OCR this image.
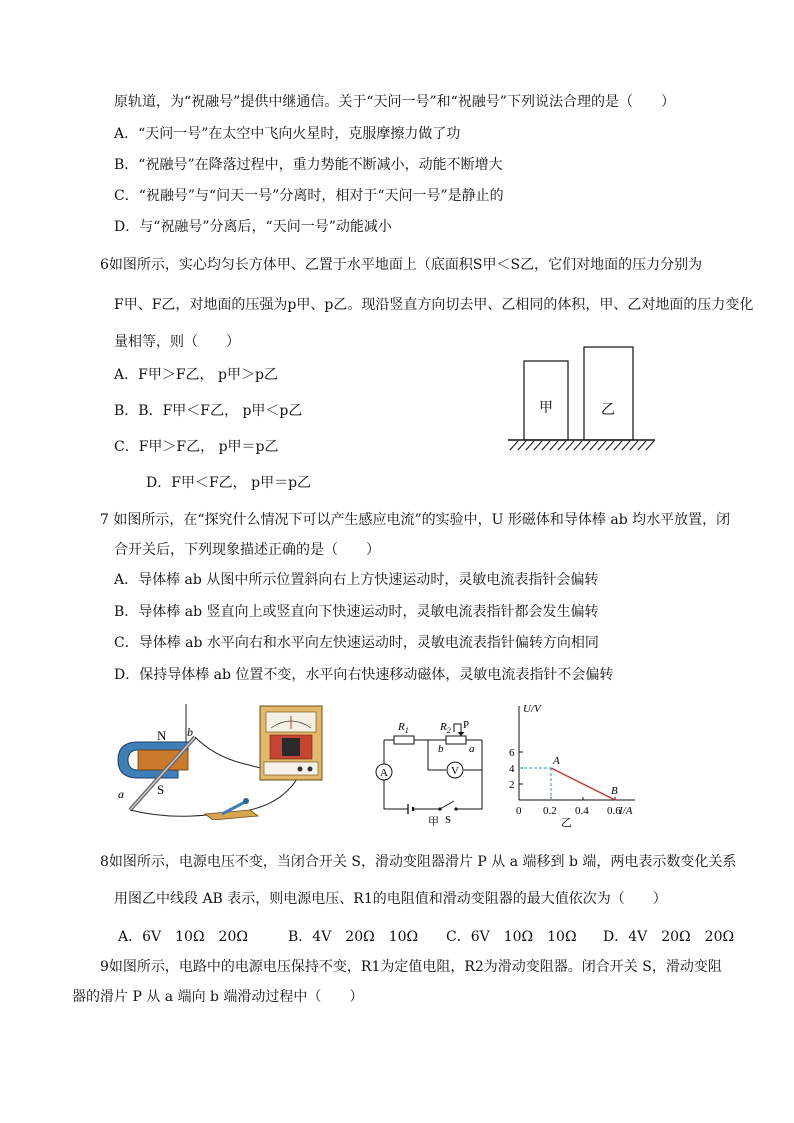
原轨道，为“祝融号”提供中继通信。关于“天问一号”和“祝融号”下列说法合理的是（　　）
A．“天问一号”在太空中飞向火星时，克服摩擦力做了功
B．“祝融号”在降落过程中，重力势能不断减小，动能不断增大
C．“祝融号”与“问天一号”分离时，相对于“天问一号”是静止的
D．与“祝融号”分离后，“天问一号”动能减小
6如图所示，实心均匀长方体甲、乙置于水平地面上（底面积S甲＜S乙，它们对地面的压力分别为
F甲、F乙，对地面的压强为p甲、p乙。现沿竖直方向切去甲、乙相同的体积，甲、乙对地面的压力变化
量相等，则（　　）
A．F甲＞F乙， p甲＞p乙
B．B．F甲＜F乙， p甲＜p乙
C．F甲＞F乙， p甲＝p乙
D．F甲＜F乙， p甲＝p乙
甲	乙
7 如图所示，在“探究什么情况下可以产生感应电流”的实验中，U 形磁体和导体棒 ab 均水平放置，闭
合开关后，下列现象描述正确的是（　　）
A．导体棒 ab 从图中所示位置斜向右上方快速运动时，灵敏电流表指针会偏转
B．导体棒 ab 竖直向上或竖直向下快速运动时，灵敏电流表指针都会发生偏转
C．导体棒 ab 水平向右和水平向左快速运动时，灵敏电流表指针偏转方向相同
D．保持导体棒 ab 位置不变，水平向右快速移动磁体，灵敏电流表指针不会偏转
N
S
a
b
A	V
$R_1$	$R_2$ P
b a
S
甲
U/V
I/A
0
2
4
6
0.2 0.4 0.6
A
B
乙
8如图所示，电源电压不变，当闭合开关 S，滑动变阻器滑片 P 从 a 端移到 b 端，两电表示数变化关系
用图乙中线段 AB 表示，则电源电压、R1的电阻值和滑动变阻器的最大值依次为（　　）
A．6V　10Ω　20Ω	B．4V　20Ω　10Ω C．6V　10Ω　10Ω D．4V　20Ω　20Ω
9如图所示，电路中的电源电压保持不变，R1为定值电阻，R2为滑动变阻器。闭合开关 S，滑动变阻
器的滑片 P 从 a 端向 b 端滑动过程中（　　）
